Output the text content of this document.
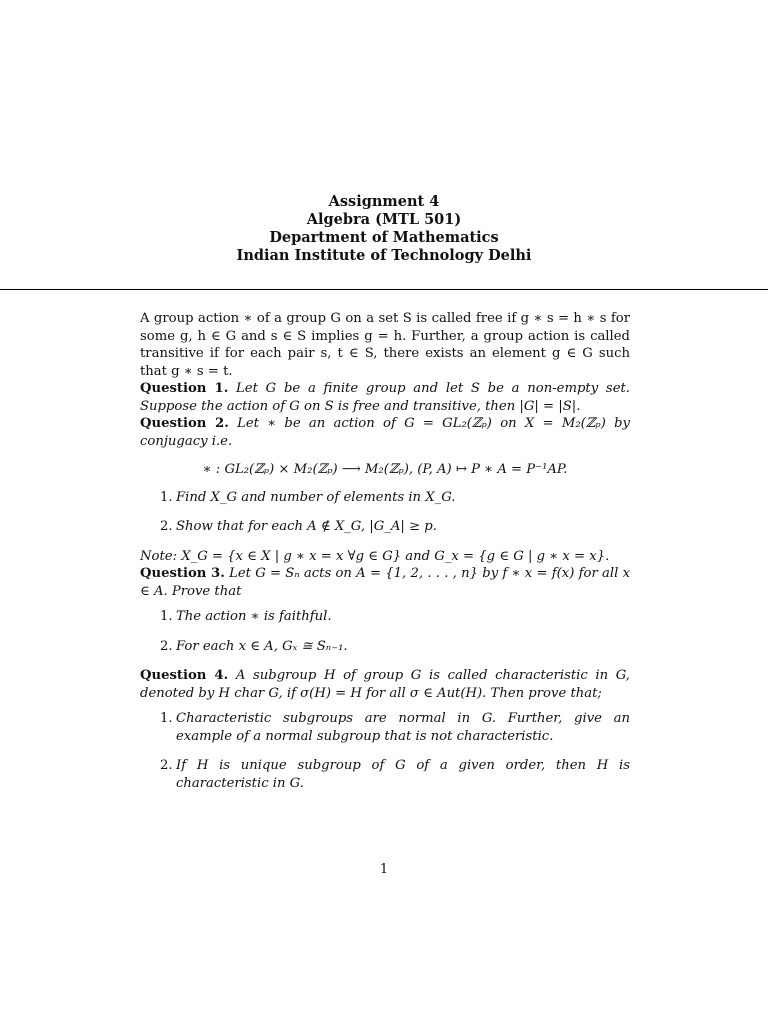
Assignment 4
Algebra (MTL 501)
Department of Mathematics
Indian Institute of Technology Delhi

A group action ∗ of a group G on a set S is called free if g ∗ s = h ∗ s for some g, h ∈ G and s ∈ S implies g = h. Further, a group action is called transitive if for each pair s, t ∈ S, there exists an element g ∈ G such that g ∗ s = t.

Question 1. Let G be a finite group and let S be a non-empty set. Suppose the action of G on S is free and transitive, then |G| = |S|.

Question 2. Let ∗ be an action of G = GL₂(ℤₚ) on X = M₂(ℤₚ) by conjugacy i.e.

∗ : GL₂(ℤₚ) × M₂(ℤₚ) ⟶ M₂(ℤₚ), (P, A) ↦ P ∗ A = P⁻¹AP.
1. Find X_G and number of elements in X_G.
2. Show that for each A ∉ X_G, |G_A| ≥ p.

Note: X_G = {x ∈ X | g ∗ x = x ∀g ∈ G} and G_x = {g ∈ G | g ∗ x = x}.

Question 3. Let G = Sₙ acts on A = {1, 2, . . . , n} by f ∗ x = f(x) for all x ∈ A. Prove that

1. The action ∗ is faithful.
2. For each x ∈ A, Gₓ ≅ Sₙ₋₁.

Question 4. A subgroup H of group G is called characteristic in G, denoted by H char G, if σ(H) = H for all σ ∈ Aut(H). Then prove that;

1. Characteristic subgroups are normal in G. Further, give an example of a normal subgroup that is not characteristic.
2. If H is unique subgroup of G of a given order, then H is characteristic in G.
1
